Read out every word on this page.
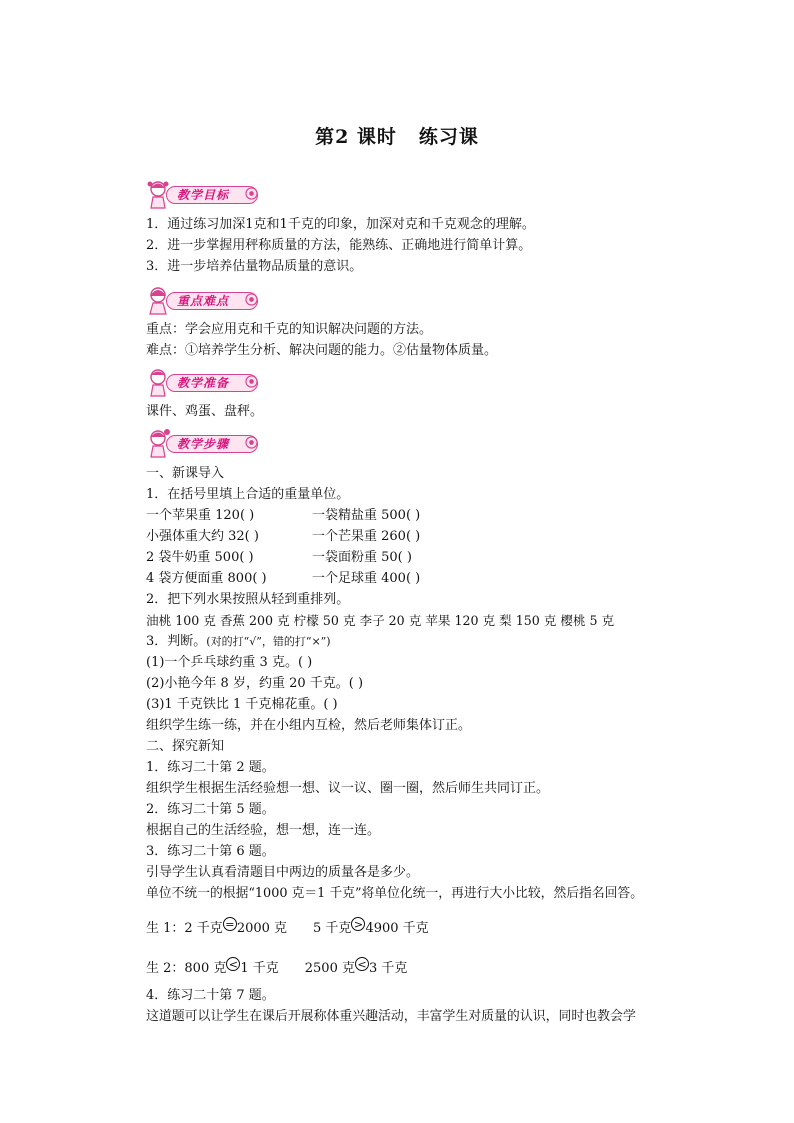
第2 课时 练习课
教学目标
1．通过练习加深1克和1千克的印象，加深对克和千克观念的理解。
2．进一步掌握用秤称质量的方法，能熟练、正确地进行简单计算。
3．进一步培养估量物品质量的意识。
重点难点
重点：学会应用克和千克的知识解决问题的方法。
难点：①培养学生分析、解决问题的能力。②估量物体质量。
教学准备
课件、鸡蛋、盘秤。
教学步骤
一、新课导入
1．在括号里填上合适的重量单位。
一个苹果重 120( )	一袋精盐重 500( )
小强体重大约 32( )	一个芒果重 260( )
2 袋牛奶重 500( )	一袋面粉重 50( )
4 袋方便面重 800( )	一个足球重 400( )
2．把下列水果按照从轻到重排列。
油桃 100 克 香蕉 200 克 柠檬 50 克 李子 20 克 苹果 120 克 梨 150 克 樱桃 5 克
3．判断。(对的打“√”，错的打“×”)
(1)一个乒乓球约重 3 克。( )
(2)小艳今年 8 岁，约重 20 千克。( )
(3)1 千克铁比 1 千克棉花重。( )
组织学生练一练，并在小组内互检，然后老师集体订正。
二、探究新知
1．练习二十第 2 题。
组织学生根据生活经验想一想、议一议、圈一圈，然后师生共同订正。
2．练习二十第 5 题。
根据自己的生活经验，想一想，连一连。
3．练习二十第 6 题。
引导学生认真看清题目中两边的质量各是多少。
单位不统一的根据“1000 克＝1 千克”将单位化统一，再进行大小比较，然后指名回答。
生 1：2 千克 = 2000 克 5 千克 > 4900 千克
生 2：800 克 < 1 千克 2500 克 < 3 千克
4．练习二十第 7 题。
这道题可以让学生在课后开展称体重兴趣活动，丰富学生对质量的认识，同时也教会学
